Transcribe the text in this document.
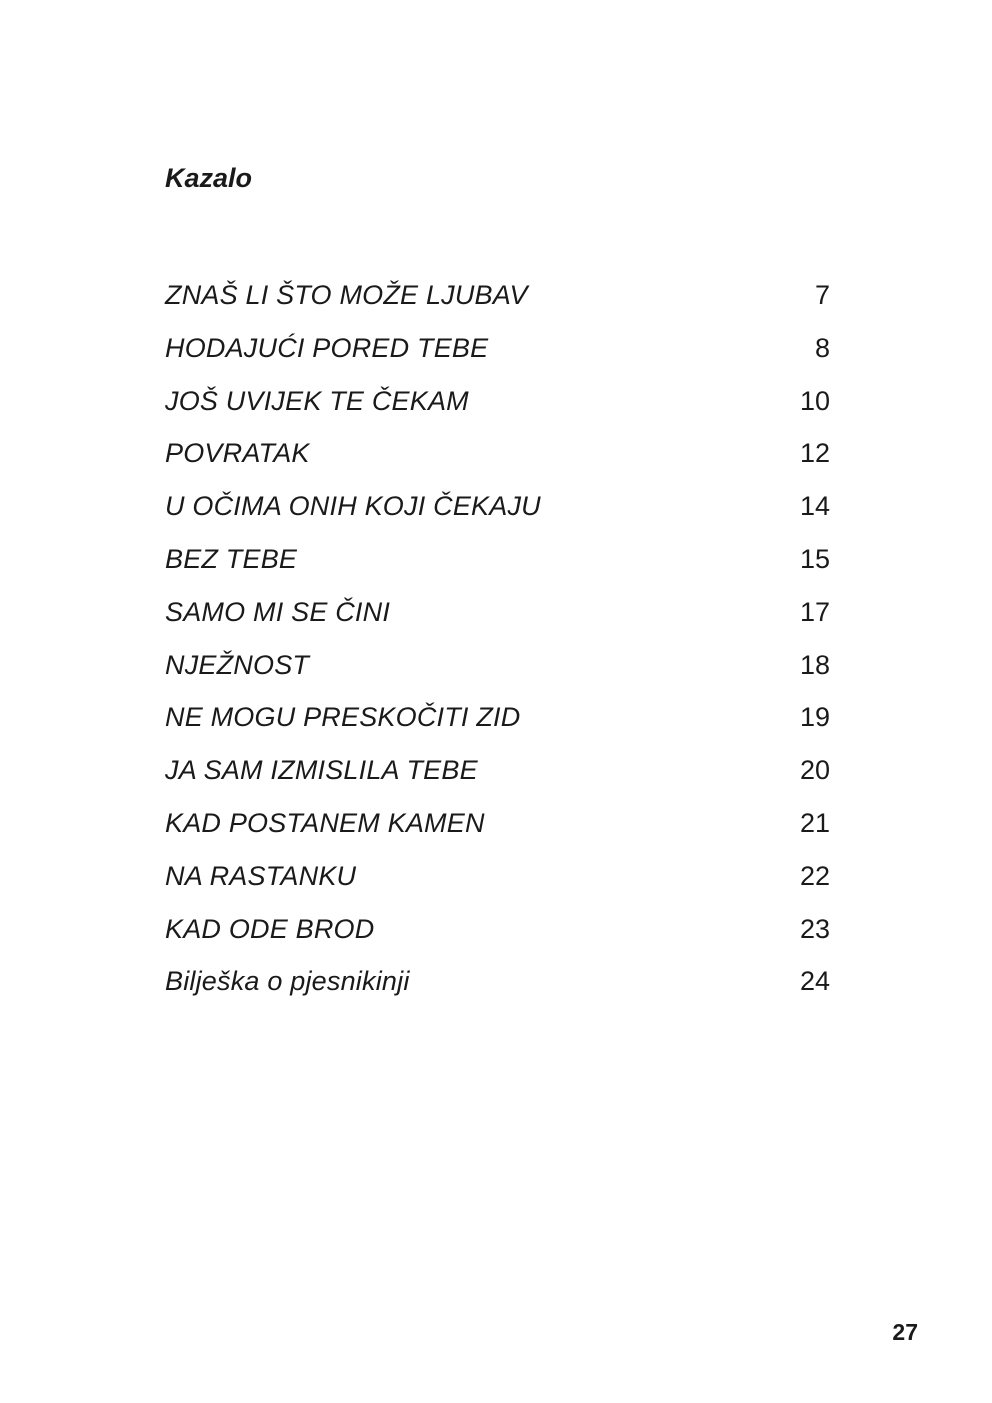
Kazalo
ZNAŠ LI ŠTO MOŽE LJUBAV	7
HODAJUĆI PORED TEBE	8
JOŠ UVIJEK TE ČEKAM	10
POVRATAK	12
U OČIMA ONIH KOJI ČEKAJU	14
BEZ TEBE	15
SAMO MI SE ČINI	17
NJEŽNOST	18
NE MOGU PRESKOČITI ZID	19
JA SAM IZMISLILA TEBE	20
KAD POSTANEM KAMEN	21
NA RASTANKU	22
KAD ODE BROD	23
Bilješka o pjesnikinji	24
27
